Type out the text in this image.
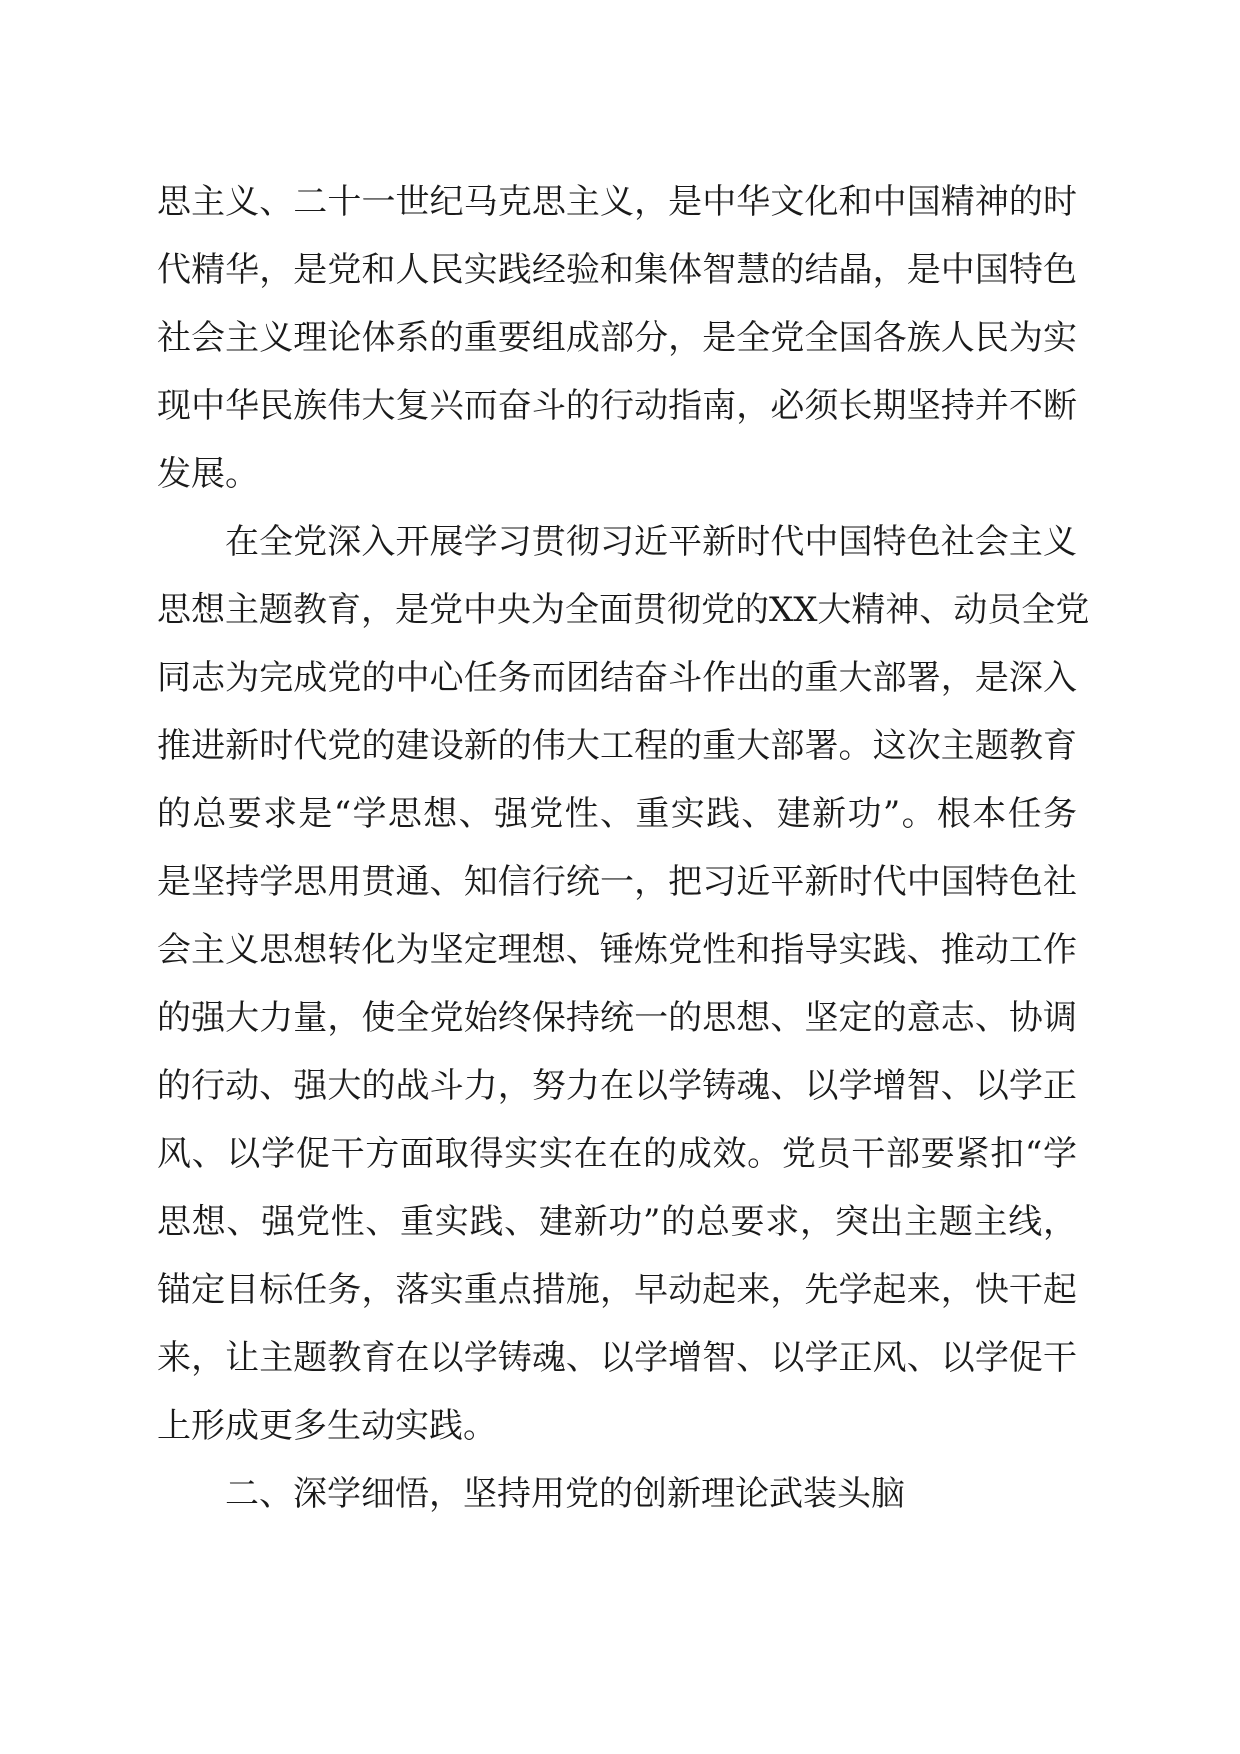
思主义、二十一世纪马克思主义，是中华文化和中国精神的时
代精华，是党和人民实践经验和集体智慧的结晶，是中国特色
社会主义理论体系的重要组成部分，是全党全国各族人民为实
现中华民族伟大复兴而奋斗的行动指南，必须长期坚持并不断
发展。
在全党深入开展学习贯彻习近平新时代中国特色社会主义
思想主题教育，是党中央为全面贯彻党的XX大精神、动员全党
同志为完成党的中心任务而团结奋斗作出的重大部署，是深入
推进新时代党的建设新的伟大工程的重大部署。这次主题教育
的总要求是“学思想、强党性、重实践、建新功”。根本任务
是坚持学思用贯通、知信行统一，把习近平新时代中国特色社
会主义思想转化为坚定理想、锤炼党性和指导实践、推动工作
的强大力量，使全党始终保持统一的思想、坚定的意志、协调
的行动、强大的战斗力，努力在以学铸魂、以学增智、以学正
风、以学促干方面取得实实在在的成效。党员干部要紧扣“学
思想、强党性、重实践、建新功”的总要求，突出主题主线，
锚定目标任务，落实重点措施，早动起来，先学起来，快干起
来，让主题教育在以学铸魂、以学增智、以学正风、以学促干
上形成更多生动实践。
二、深学细悟，坚持用党的创新理论武装头脑
